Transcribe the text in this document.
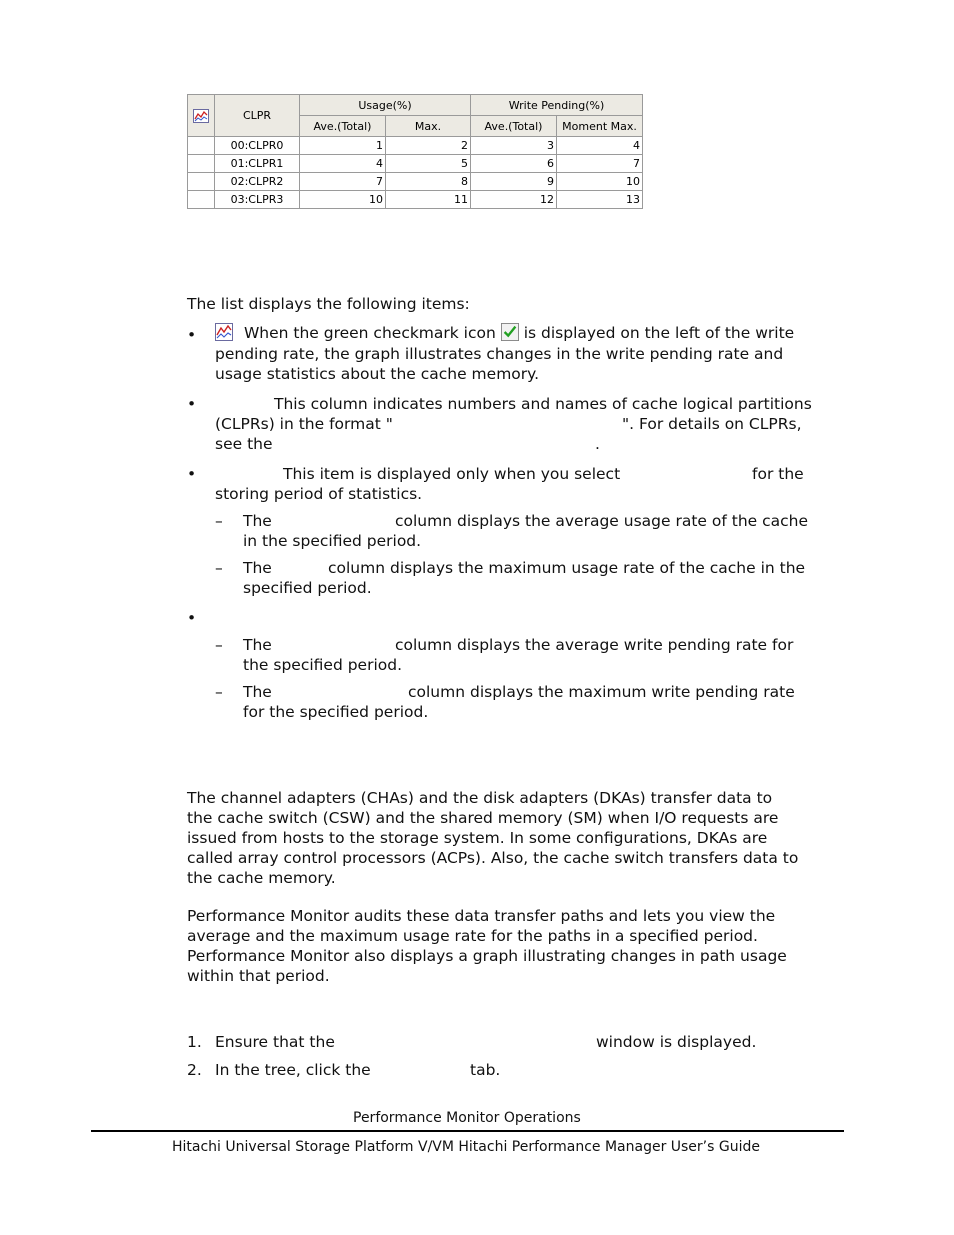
	CLPR	Usage(%)		Write Pending(%)	
		Ave.(Total)	Max.	Ave.(Total)	Moment Max.
	00:CLPR0	1	2	3	4
	01:CLPR1	4	5	6	7
	02:CLPR2	7	8	9	10
	03:CLPR3	10	11	12	13

The list displays the following items:

•	When the green checkmark icon is displayed on the left of the write

pending rate, the graph illustrates changes in the write pending rate and

usage statistics about the cache memory.

•	This column indicates numbers and names of cache logical partitions

(CLPRs) in the format "	". For details on CLPRs,

see the	.

•	This item is displayed only when you select	for the

storing period of statistics.

– The	column displays the average usage rate of the cache

in the specified period.

– The	column displays the maximum usage rate of the cache in the

specified period.

•
– The	column displays the average write pending rate for

the specified period.

– The	column displays the maximum write pending rate

for the specified period.

The channel adapters (CHAs) and the disk adapters (DKAs) transfer data to

the cache switch (CSW) and the shared memory (SM) when I/O requests are

issued from hosts to the storage system. In some configurations, DKAs are

called array control processors (ACPs). Also, the cache switch transfers data to

the cache memory.

Performance Monitor audits these data transfer paths and lets you view the

average and the maximum usage rate for the paths in a specified period.

Performance Monitor also displays a graph illustrating changes in path usage

within that period.

1. Ensure that the	window is displayed.

2. In the tree, click the	tab.

Performance Monitor Operations

Hitachi Universal Storage Platform V/VM Hitachi Performance Manager User’s Guide
